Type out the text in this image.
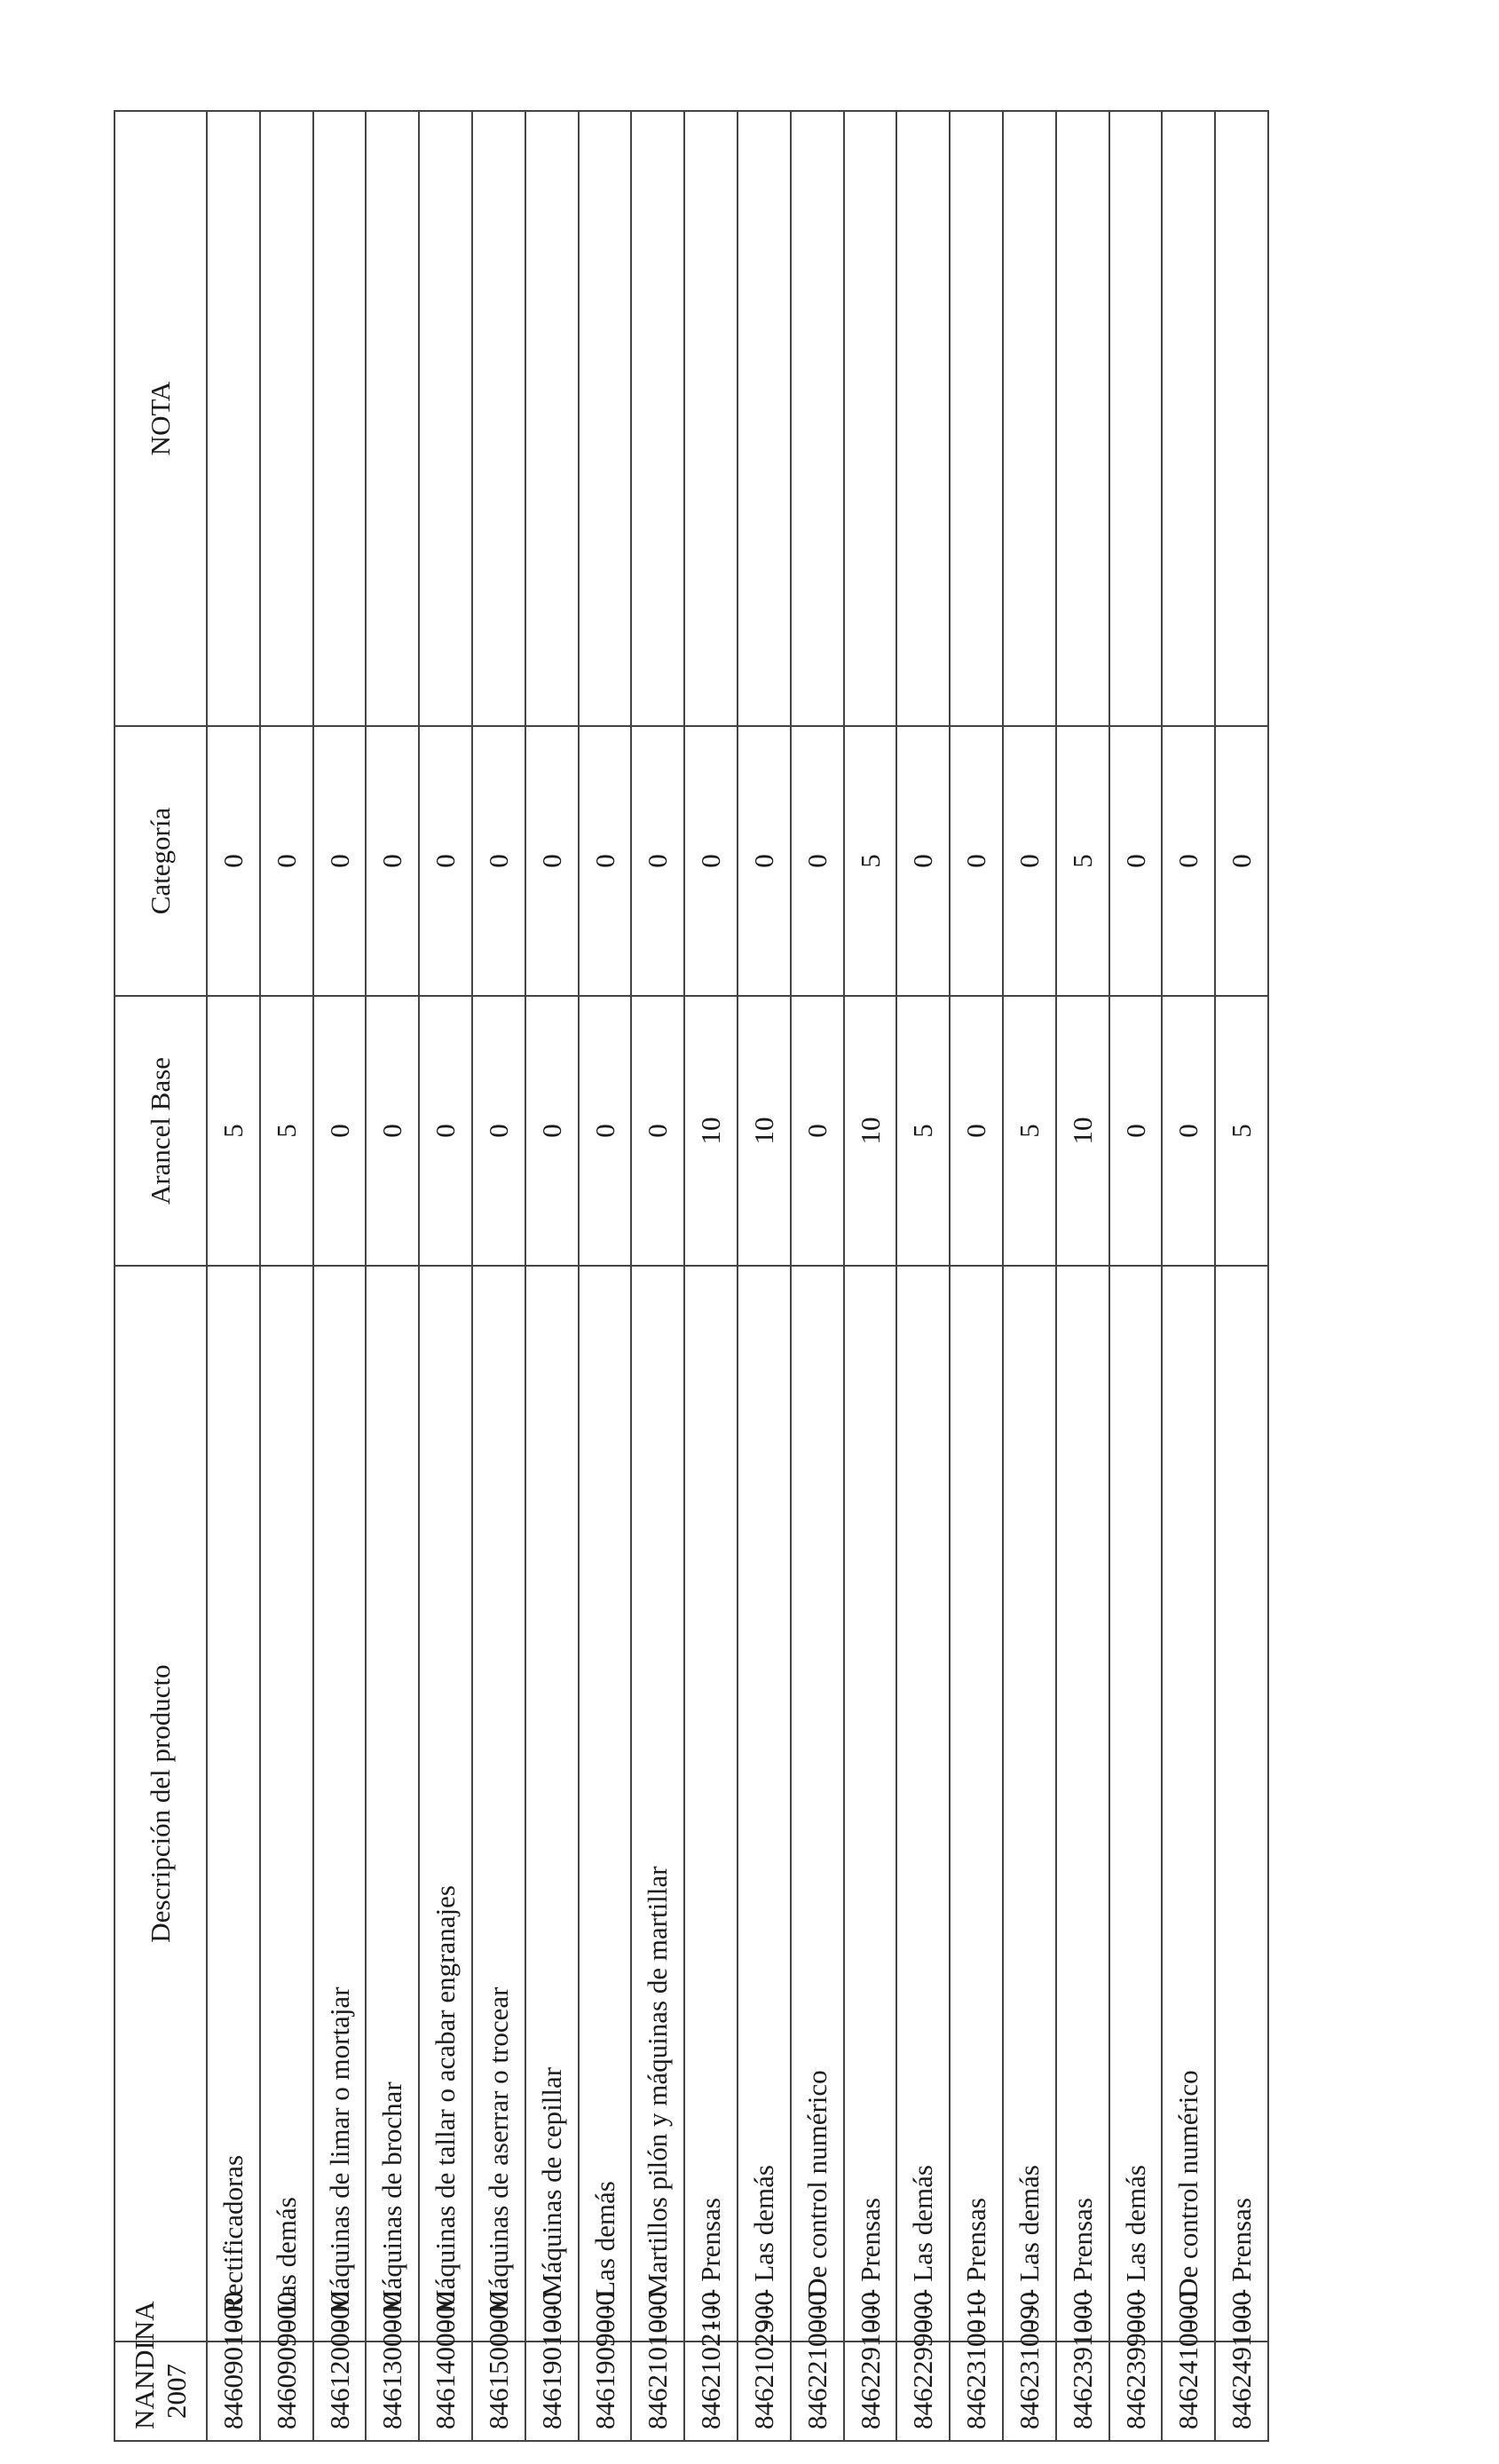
NANDINA 2007	Descripción del producto	Arancel Base	Categoría	NOTA
8460901000	- Rectificadoras	5	0	
8460909000	- Las demás	5	0	
8461200000	- Máquinas de limar o mortajar	0	0	
8461300000	- Máquinas de brochar	0	0	
8461400000	- Máquinas de tallar o acabar engranajes	0	0	
8461500000	- Máquinas de aserrar o trocear	0	0	
8461901000	- - Máquinas de cepillar	0	0	
8461909000	- - Las demás	0	0	
8462101000	- - Martillos pilón y máquinas de martillar	0	0	
8462102100	- - - Prensas	10	0	
8462102900	- - - Las demás	10	0	
8462210000	- - De control numérico	0	0	
8462291000	- - - Prensas	10	5	
8462299000	- - - Las demás	5	0	
8462310010	- - - Prensas	0	0	
8462310090	- - - Las demás	5	0	
8462391000	- - - Prensas	10	5	
8462399000	- - - Las demás	0	0	
8462410000	- - De control numérico	0	0	
8462491000	- - - Prensas	5	0	
